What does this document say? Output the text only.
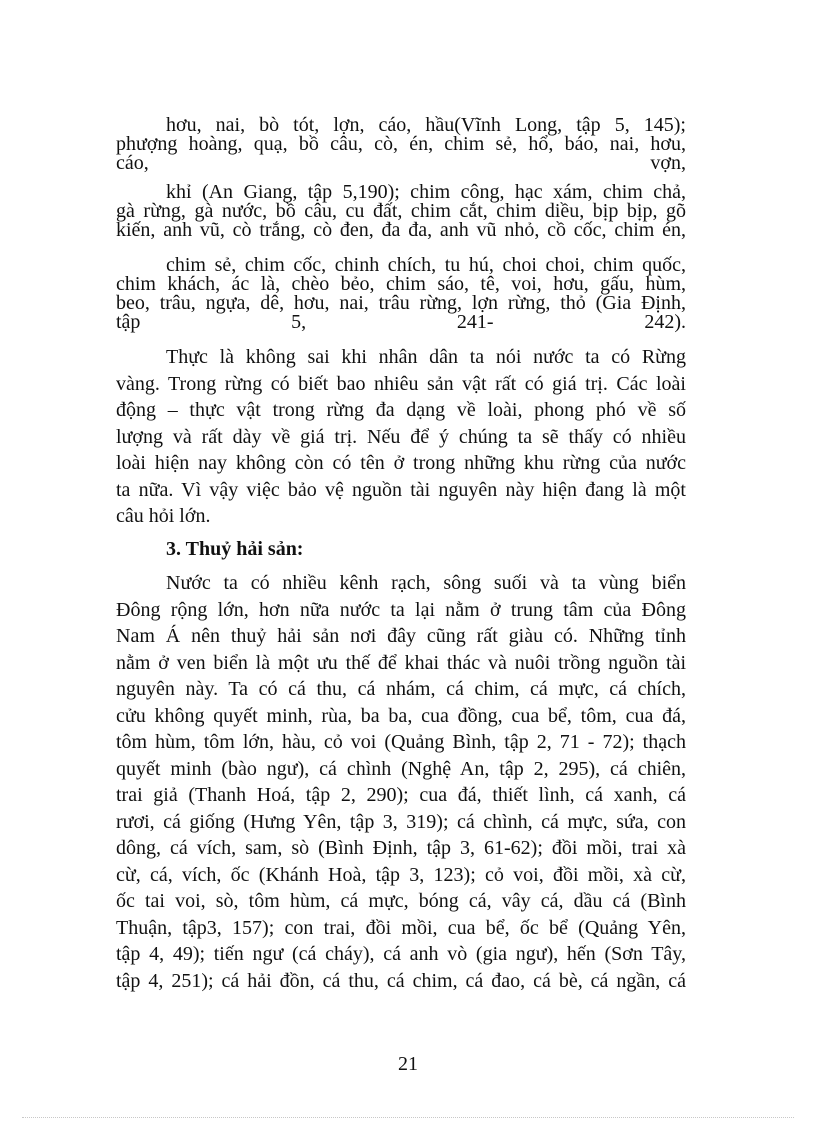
hơu, nai, bò tót, lợn, cáo, hầu(Vĩnh Long, tập 5, 145);
phượng hoàng, quạ, bồ câu, cò, én, chim sẻ, hổ, báo, nai, hơu,
cáo, vợn,
khỉ (An Giang, tập 5,190); chim công, hạc xám, chim chả,
gà rừng, gà nước, bồ câu, cu đất, chim cắt, chim diều, bịp bịp, gõ
kiến, anh vũ, cò trắng, cò đen, đa đa, anh vũ nhỏ, cồ cốc, chim én,
chim sẻ, chim cốc, chinh chích, tu hú, choi choi, chim quốc,
chim khách, ác là, chèo bẻo, chim sáo, tê, voi, hơu, gấu, hùm,
beo, trâu, ngựa, dê, hơu, nai, trâu rừng, lợn rừng, thỏ (Gia Định,
tập 5, 241- 242).
Thực là không sai khi nhân dân ta nói nước ta có Rừng
vàng. Trong rừng có biết bao nhiêu sản vật rất có giá trị. Các loài
động – thực vật trong rừng đa dạng về loài, phong phó về số
lượng và rất dày về giá trị. Nếu để ý chúng ta sẽ thấy có nhiều
loài hiện nay không còn có tên ở trong những khu rừng của nước
ta nữa. Vì vậy việc bảo vệ nguồn tài nguyên này hiện đang là một
câu hỏi lớn.
3. Thuỷ hải sản:
Nước ta có nhiều kênh rạch, sông suối và ta vùng biển
Đông rộng lớn, hơn nữa nước ta lại nằm ở trung tâm của Đông
Nam Á nên thuỷ hải sản nơi đây cũng rất giàu có. Những tỉnh
nằm ở ven biển là một ưu thế để khai thác và nuôi trồng nguồn tài
nguyên này. Ta có cá thu, cá nhám, cá chim, cá mực, cá chích,
cửu không quyết minh, rùa, ba ba, cua đồng, cua bể, tôm, cua đá,
tôm hùm, tôm lớn, hàu, cỏ voi (Quảng Bình, tập 2, 71 - 72); thạch
quyết minh (bào ngư), cá chình (Nghệ An, tập 2, 295), cá chiên,
trai giả (Thanh Hoá, tập 2, 290); cua đá, thiết lình, cá xanh, cá
rươi, cá giống (Hưng Yên, tập 3, 319); cá chình, cá mực, sứa, con
dông, cá vích, sam, sò (Bình Định, tập 3, 61-62); đồi mồi, trai xà
cừ, cá, vích, ốc (Khánh Hoà, tập 3, 123); cỏ voi, đồi mồi, xà cừ,
ốc tai voi, sò, tôm hùm, cá mực, bóng cá, vây cá, dầu cá (Bình
Thuận, tập3, 157); con trai, đồi mồi, cua bể, ốc bể (Quảng Yên,
tập 4, 49); tiến ngư (cá cháy), cá anh vò (gia ngư), hến (Sơn Tây,
tập 4, 251); cá hải đồn, cá thu, cá chim, cá đao, cá bè, cá ngần, cá
21
